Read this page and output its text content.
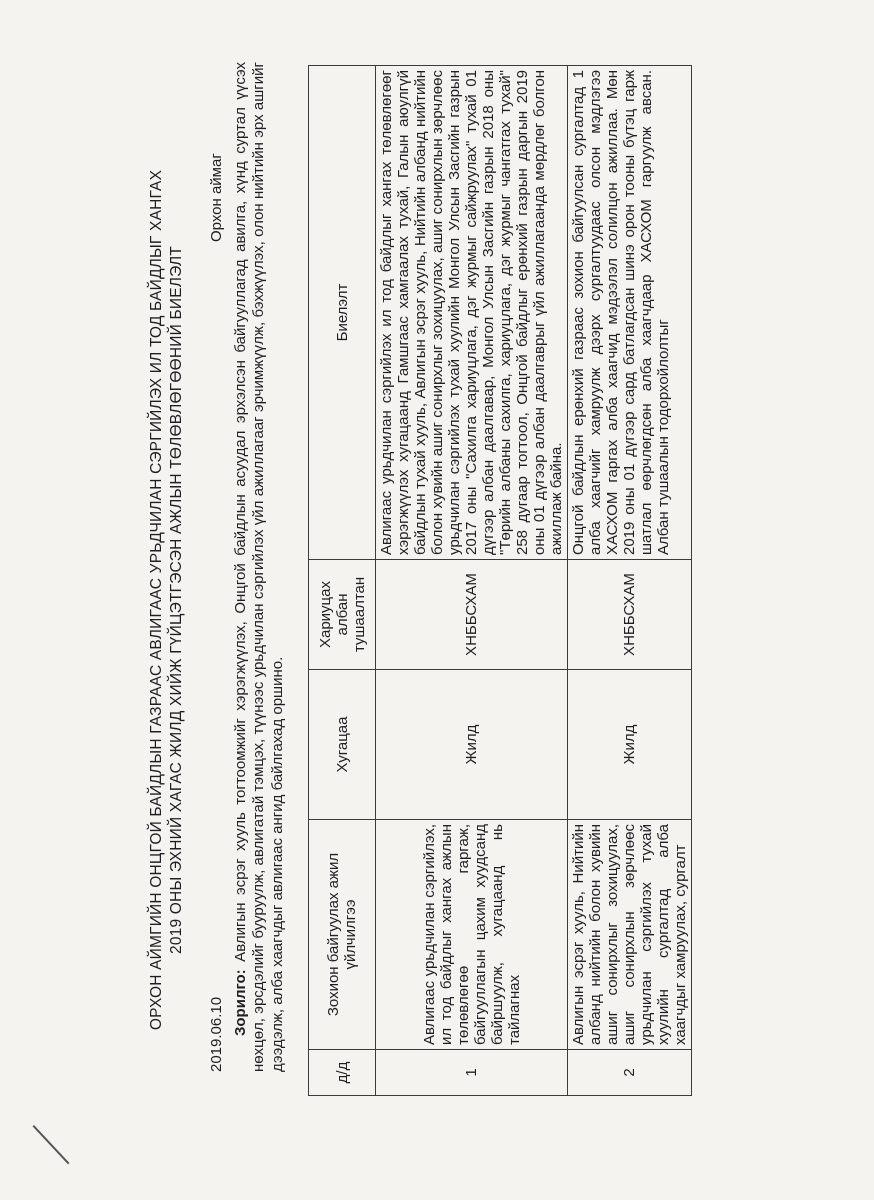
ОРХОН АЙМГИЙН ОНЦГОЙ БАЙДЛЫН ГАЗРААС АВЛИГААС УРЬДЧИЛАН СЭРГИЙЛЭХ ИЛ ТОД БАЙДЛЫГ ХАНГАХ 2019 ОНЫ ЭХНИЙ ХАГАС ЖИЛД ХИЙЖ ГҮЙЦЭТГЭСЭН АЖЛЫН ТӨЛӨВЛӨГӨӨНИЙ БИЕЛЭЛТ
2019.06.10
Орхон аймаг
Зорилго: Авлигын эсрэг хууль тогтоомжийг хэрэгжүүлэх, Онцгой байдлын асуудал эрхэлсэн байгууллагад авилга, хүнд суртал үүсэх нөхцөл, эрсдэлийг бууруулж, авлигатай тэмцэх, түүнээс урьдчилан сэргийлэх үйл ажиллагааг эрчимжүүлж, бэхжүүлэх, олон нийтийн эрх ашгийг дээдэлж, алба хаагчдыг авлигаас ангид байлгахад оршино.
д/д	Зохион байгуулах ажил үйлчилгээ	Хугацаа	Хариуцах албан тушаалтан	Биелэлт
1	Авлигаас урьдчилан сэргийлэх, ил тод байдлыг хангах ажлын төлөвлөгөө гаргаж, байгууллагын цахим хуудсанд байршуулж, хугацаанд нь тайлагнах	Жилд	ХНББСХАМ	Авлигаас урьдчилан сэргийлэх ил тод байдлыг хангах төлөвлөгөөг хэрэгжүүлэх хугацаанд Гамшгаас хамгаалах тухай, Галын аюулгүй байдлын тухай хууль, Авлигын эсрэг хууль, Нийтийн албанд нийтийн болон хувийн ашиг сонирхлыг зохицуулах, ашиг сонирхлын зөрчлөөс урьдчилан сэргийлэх тухай хуулийн Монгол Улсын Засгийн газрын 2017 оны "Сахилга хариуцлага, дэг журмыг сайжруулах" тухай 01 дүгээр албан даалгавар, Монгол Улсын Засгийн газрын 2018 оны "Төрийн албаны сахилга, хариуцлага, дэг журмыг чангатгах тухай" 258 дугаар тогтоол, Онцгой байдлыг ерөнхий газрын даргын 2019 оны 01 дүгээр албан даалгаврыг үйл ажиллагаанда мөрдлөг болгон ажиллаж байна.
2	Авлигын эсрэг хууль, Нийтийн албанд нийтийн болон хувийн ашиг сонирхлыг зохицуулах, ашиг сонирхлын зөрчлөөс урьдчилан сэргийлэх тухай хуулийн сургалтад алба хаагчдыг хамруулах, сургалт	Жилд	ХНББСХАМ	Онцгой байдлын ерөнхий газраас зохион байгуулсан сургалтад 1 алба хаагчийг хамруулж дээрх сургалтуудаас олсон мэдлэгээ ХАСХОМ гаргах алба хаагчид мэдээлэл солилцон ажиллаа. Мөн 2019 оны 01 дүгээр сард батлагдсан шинэ орон тооны бүтэц гарж шатлал өөрчлөгдсөн алба хаагчдаар ХАСХОМ гаргуулж авсан. Албан тушаалын тодорхойлолтыг
